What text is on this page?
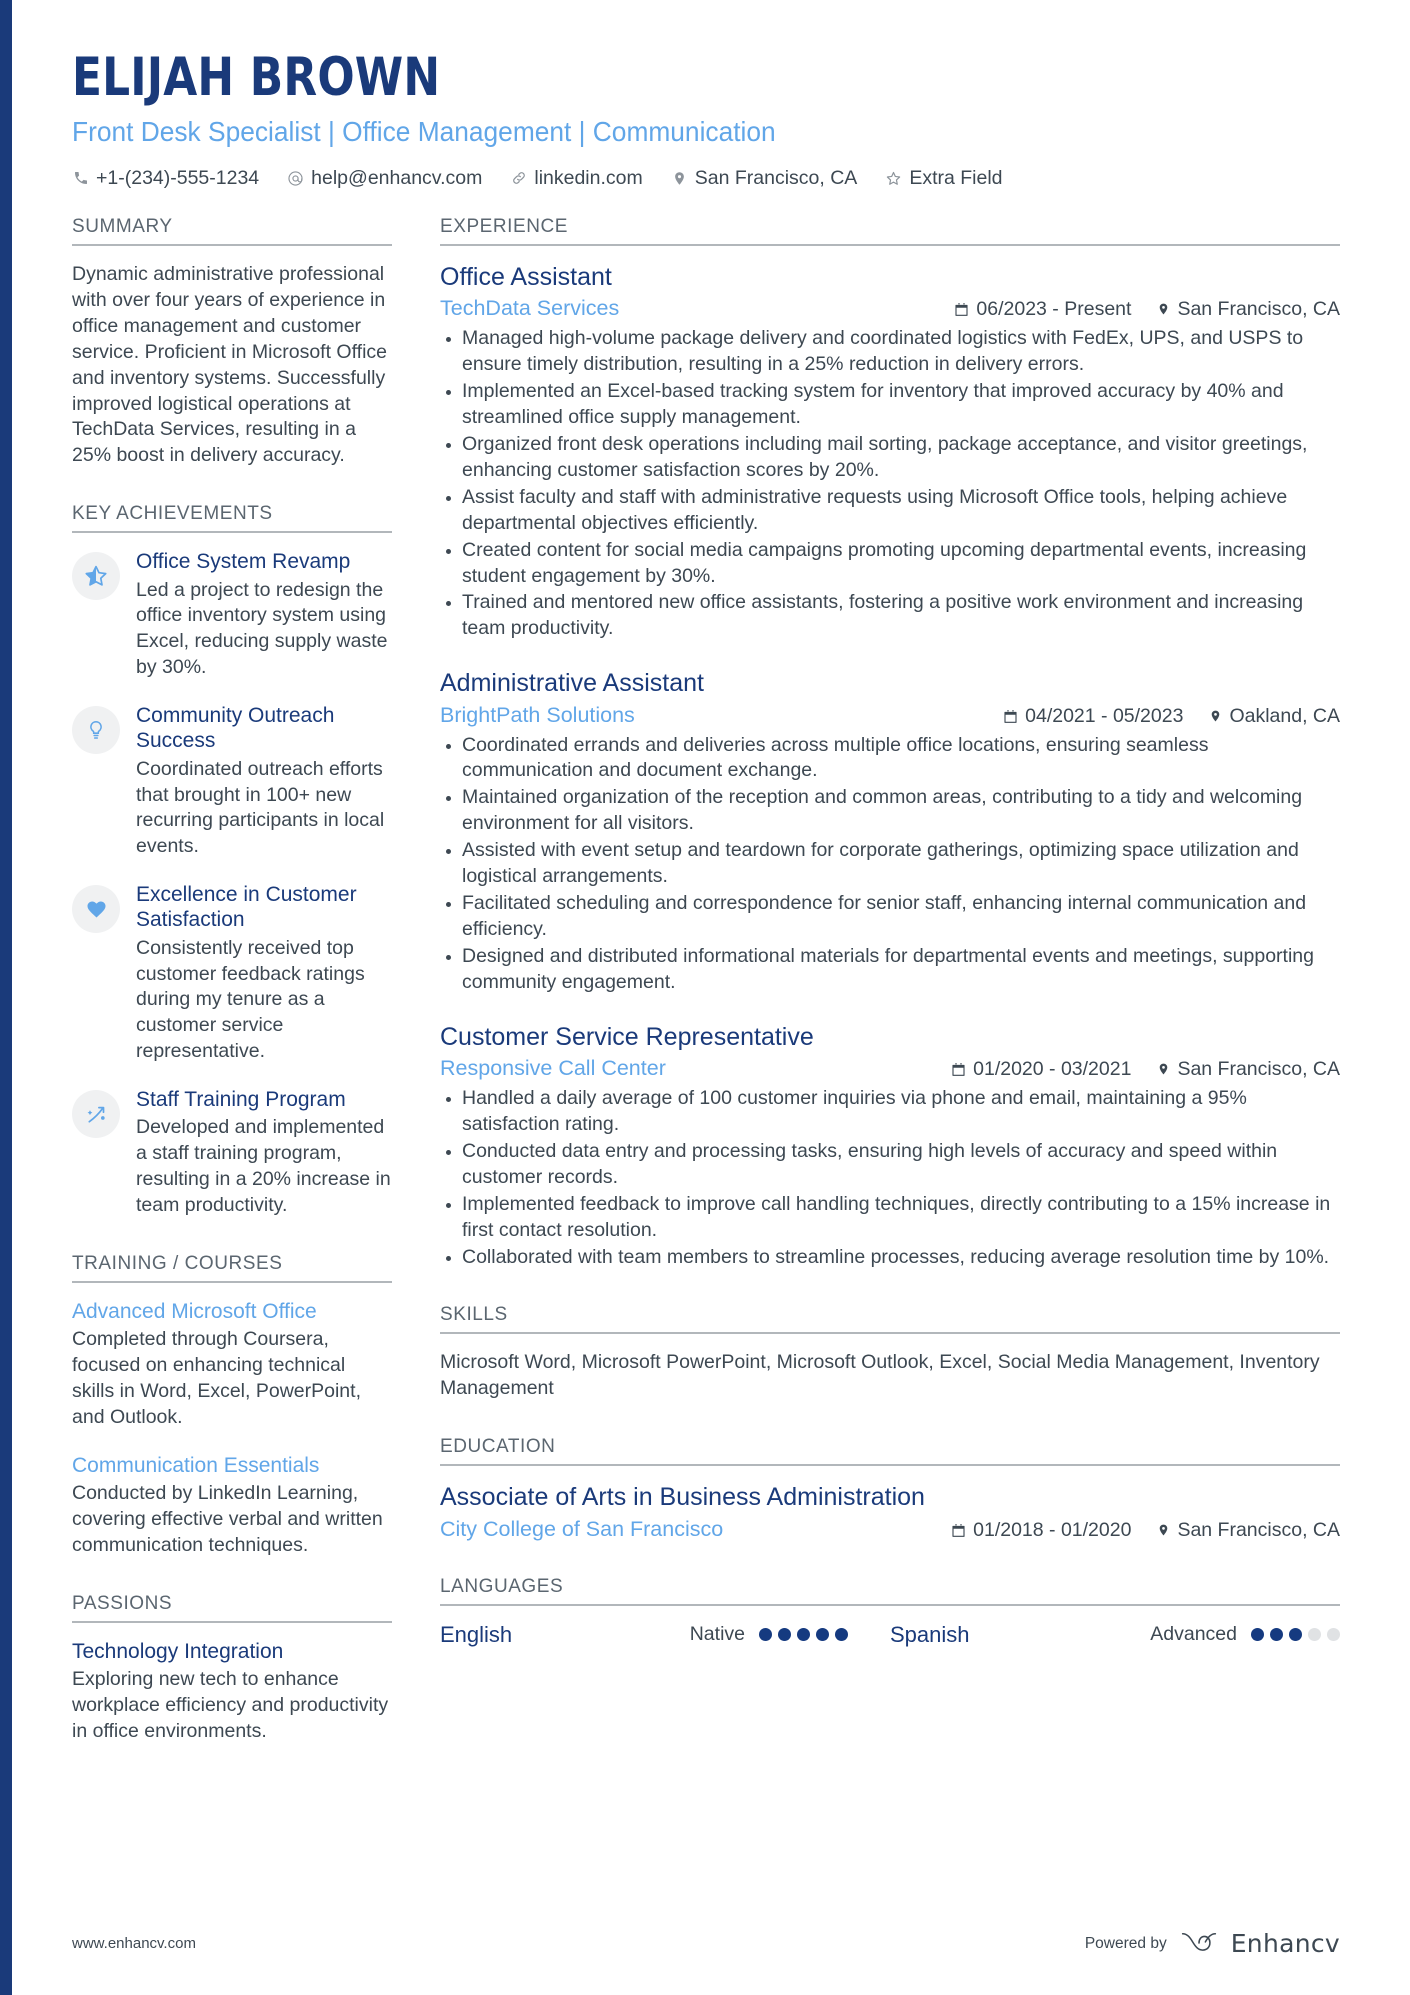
ELIJAH BROWN
Front Desk Specialist | Office Management | Communication
+1-(234)-555-1234	help@enhancv.com	linkedin.com	San Francisco, CA	Extra Field
SUMMARY
Dynamic administrative professional with over four years of experience in office management and customer service. Proficient in Microsoft Office and inventory systems. Successfully improved logistical operations at TechData Services, resulting in a 25% boost in delivery accuracy.
KEY ACHIEVEMENTS
Office System Revamp
Led a project to redesign the office inventory system using Excel, reducing supply waste by 30%.
Community Outreach Success
Coordinated outreach efforts that brought in 100+ new recurring participants in local events.
Excellence in Customer Satisfaction
Consistently received top customer feedback ratings during my tenure as a customer service representative.
Staff Training Program
Developed and implemented a staff training program, resulting in a 20% increase in team productivity.
TRAINING / COURSES
Advanced Microsoft Office
Completed through Coursera, focused on enhancing technical skills in Word, Excel, PowerPoint, and Outlook.
Communication Essentials
Conducted by LinkedIn Learning, covering effective verbal and written communication techniques.
PASSIONS
Technology Integration
Exploring new tech to enhance workplace efficiency and productivity in office environments.
EXPERIENCE
Office Assistant
TechData Services	06/2023 - Present San Francisco, CA
Managed high-volume package delivery and coordinated logistics with FedEx, UPS, and USPS to ensure timely distribution, resulting in a 25% reduction in delivery errors.
Implemented an Excel-based tracking system for inventory that improved accuracy by 40% and streamlined office supply management.
Organized front desk operations including mail sorting, package acceptance, and visitor greetings, enhancing customer satisfaction scores by 20%.
Assist faculty and staff with administrative requests using Microsoft Office tools, helping achieve departmental objectives efficiently.
Created content for social media campaigns promoting upcoming departmental events, increasing student engagement by 30%.
Trained and mentored new office assistants, fostering a positive work environment and increasing team productivity.
Administrative Assistant
BrightPath Solutions	04/2021 - 05/2023 Oakland, CA
Coordinated errands and deliveries across multiple office locations, ensuring seamless communication and document exchange.
Maintained organization of the reception and common areas, contributing to a tidy and welcoming environment for all visitors.
Assisted with event setup and teardown for corporate gatherings, optimizing space utilization and logistical arrangements.
Facilitated scheduling and correspondence for senior staff, enhancing internal communication and efficiency.
Designed and distributed informational materials for departmental events and meetings, supporting community engagement.
Customer Service Representative
Responsive Call Center	01/2020 - 03/2021 San Francisco, CA
Handled a daily average of 100 customer inquiries via phone and email, maintaining a 95% satisfaction rating.
Conducted data entry and processing tasks, ensuring high levels of accuracy and speed within customer records.
Implemented feedback to improve call handling techniques, directly contributing to a 15% increase in first contact resolution.
Collaborated with team members to streamline processes, reducing average resolution time by 10%.
SKILLS
Microsoft Word, Microsoft PowerPoint, Microsoft Outlook, Excel, Social Media Management, Inventory Management
EDUCATION
Associate of Arts in Business Administration
City College of San Francisco	01/2018 - 01/2020 San Francisco, CA
LANGUAGES
English	Native	Spanish	Advanced
www.enhancv.com	Powered by	Enhancv
